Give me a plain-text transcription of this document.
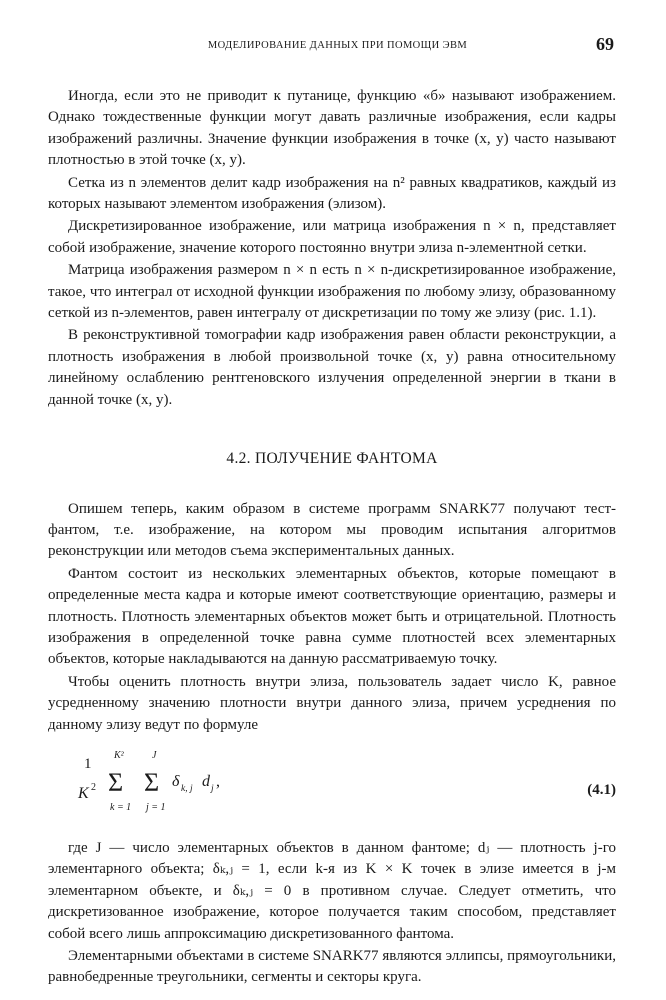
МОДЕЛИРОВАНИЕ ДАННЫХ ПРИ ПОМОЩИ ЭВМ	69

Иногда, если это не приводит к путанице, функцию «б» называют изображением. Однако тождественные функции могут давать различные изображения, если кадры изображений различны. Значение функции изображения в точке (x, y) часто называют плотностью в этой точке (x, y).

Сетка из n элементов делит кадр изображения на n² равных квадратиков, каждый из которых называют элементом изображения (элизом).

Дискретизированное изображение, или матрица изображения n × n, представляет собой изображение, значение которого постоянно внутри элиза n-элементной сетки.

Матрица изображения размером n × n есть n × n-дискретизированное изображение, такое, что интеграл от исходной функции изображения по любому элизу, образованному сеткой из n-элементов, равен интегралу от дискретизации по тому же элизу (рис. 1.1).

В реконструктивной томографии кадр изображения равен области реконструкции, а плотность изображения в любой произвольной точке (x, y) равна относительному линейному ослаблению рентгеновского излучения определенной энергии в ткани в данной точке (x, y).

4.2. ПОЛУЧЕНИЕ ФАНТОМА

Опишем теперь, каким образом в системе программ SNARK77 получают тест-фантом, т.е. изображение, на котором мы проводим испытания алгоритмов реконструкции или методов съема экспериментальных данных.

Фантом состоит из нескольких элементарных объектов, которые помещают в определенные места кадра и которые имеют соответствующие ориентацию, размеры и плотность. Плотность элементарных объектов может быть и отрицательной. Плотность изображения в определенной точке равна сумме плотностей всех элементарных объектов, которые накладываются на данную рассматриваемую точку.

Чтобы оценить плотность внутри элиза, пользователь задает число K, равное усредненному значению плотности внутри данного элиза, причем усреднения по данному элизу ведут по формуле

1
K 2
K²
Σ
k = 1
J
Σ
j = 1
δ k, j d j ,	(4.1)

где J — число элементарных объектов в данном фантоме; dⱼ — плотность j-го элементарного объекта; δₖ,ⱼ = 1, если k-я из K × K точек в элизе имеется в j-м элементарном объекте, и δₖ,ⱼ = 0 в противном случае. Следует отметить, что дискретизованное изображение, которое получается таким способом, представляет собой всего лишь аппроксимацию дискретизованного фантома.

Элементарными объектами в системе SNARK77 являются эллипсы, прямоугольники, равнобедренные треугольники, сегменты и секторы круга.
